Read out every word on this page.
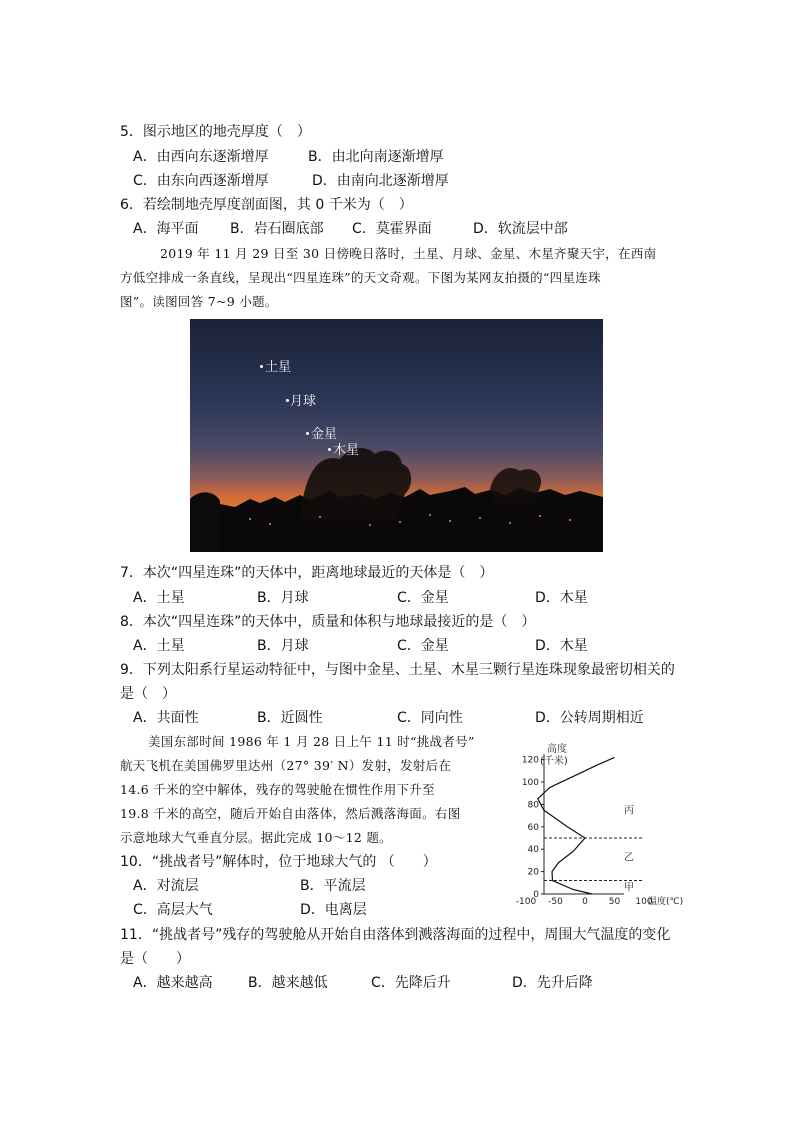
5．图示地区的地壳厚度（　）
A．由西向东逐渐增厚	B．由北向南逐渐增厚
C．由东向西逐渐增厚	D．由南向北逐渐增厚
6．若绘制地壳厚度剖面图，其 0 千米为（　）
A．海平面 B．岩石圈底部 C．莫霍界面	D．软流层中部
2019 年 11 月 29 日至 30 日傍晚日落时，土星、月球、金星、木星齐聚天宇，在西南
方低空排成一条直线，呈现出“四星连珠”的天文奇观。下图为某网友拍摄的“四星连珠
图”。读图回答 7~9 小题。
土星
月球
金星
木星
7．本次“四星连珠”的天体中，距离地球最近的天体是（　）
A．土星	B．月球	C．金星	D．木星
8．本次“四星连珠”的天体中，质量和体积与地球最接近的是（　）
A．土星	B．月球	C．金星	D．木星
9．下列太阳系行星运动特征中，与图中金星、土星、木星三颗行星连珠现象最密切相关的
是（　）
A．共面性	B．近圆性	C．同向性	D．公转周期相近
美国东部时间 1986 年 1 月 28 日上午 11 时“挑战者号”
航天飞机在美国佛罗里达州（27° 39′ N）发射，发射后在
14.6 千米的空中解体，残存的驾驶舱在惯性作用下升至
19.8 千米的高空，随后开始自由落体，然后溅落海面。右图
示意地球大气垂直分层。据此完成 10～12 题。
10．“挑战者号”解体时，位于地球大气的 （　　）
A．对流层	B．平流层
C．高层大气	D．电离层
11．“挑战者号”残存的驾驶舱从开始自由落体到溅落海面的过程中，周围大气温度的变化
是（　　）
A．越来越高	B．越来越低	C．先降后升	D．先升后降
0
20
40
60
80
100
120
-100 -50 0 50 100
高度
(千米)
温度(℃)
甲
乙
丙
